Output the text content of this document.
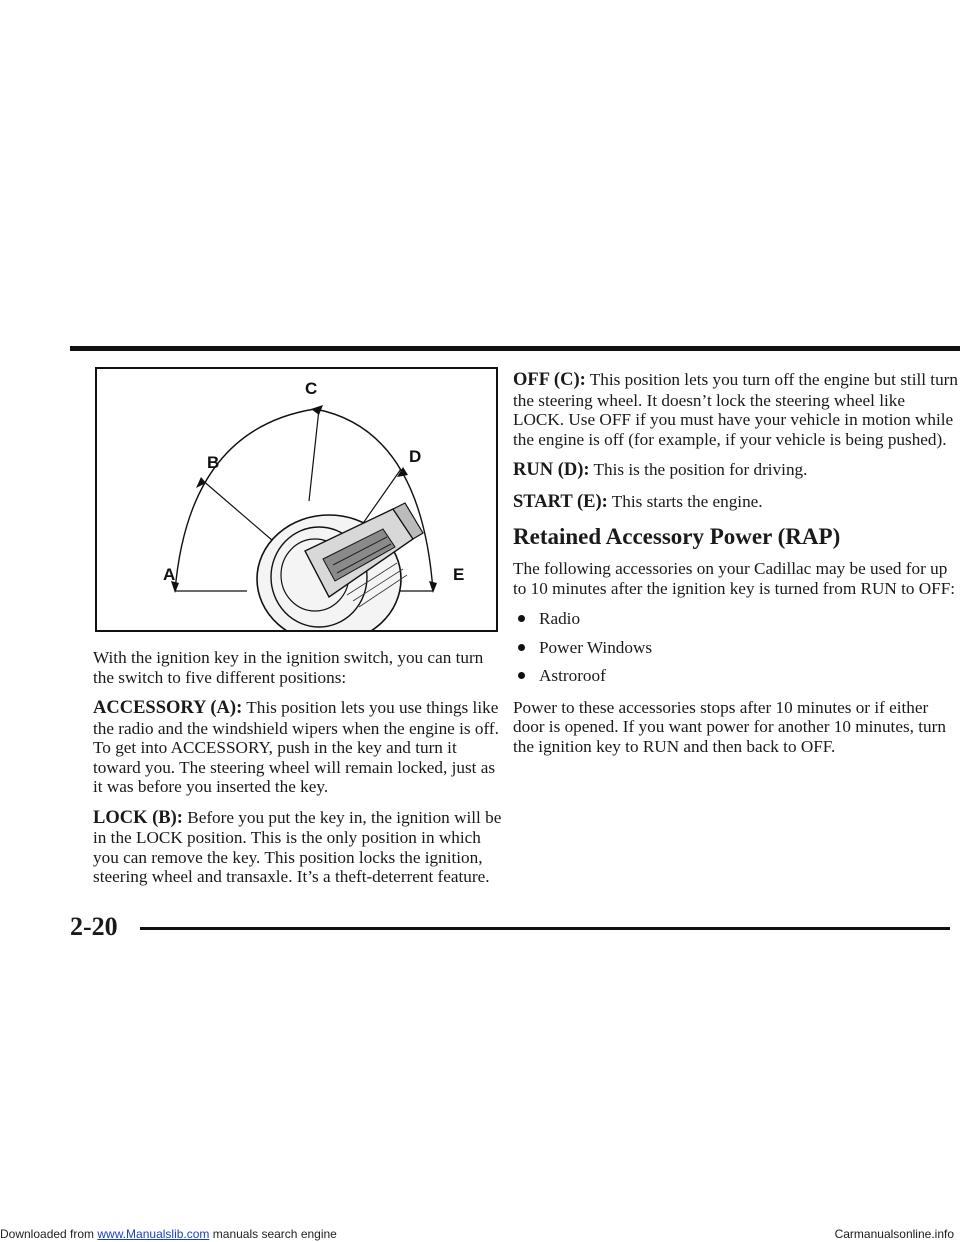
A
B
C
D
E

With the ignition key in the ignition switch, you can turn the switch to five different positions:

ACCESSORY (A): This position lets you use things like the radio and the windshield wipers when the engine is off. To get into ACCESSORY, push in the key and turn it toward you. The steering wheel will remain locked, just as it was before you inserted the key.

LOCK (B): Before you put the key in, the ignition will be in the LOCK position. This is the only position in which you can remove the key. This position locks the ignition, steering wheel and transaxle. It’s a theft-deterrent feature.

OFF (C): This position lets you turn off the engine but still turn the steering wheel. It doesn’t lock the steering wheel like LOCK. Use OFF if you must have your vehicle in motion while the engine is off (for example, if your vehicle is being pushed).

RUN (D): This is the position for driving.

START (E): This starts the engine.

Retained Accessory Power (RAP)

The following accessories on your Cadillac may be used for up to 10 minutes after the ignition key is turned from RUN to OFF:

Radio
Power Windows
Astroroof

Power to these accessories stops after 10 minutes or if either door is opened. If you want power for another 10 minutes, turn the ignition key to RUN and then back to OFF.

2-20
Downloaded from www.Manualslib.com manuals search engine	Carmanualsonline.info
